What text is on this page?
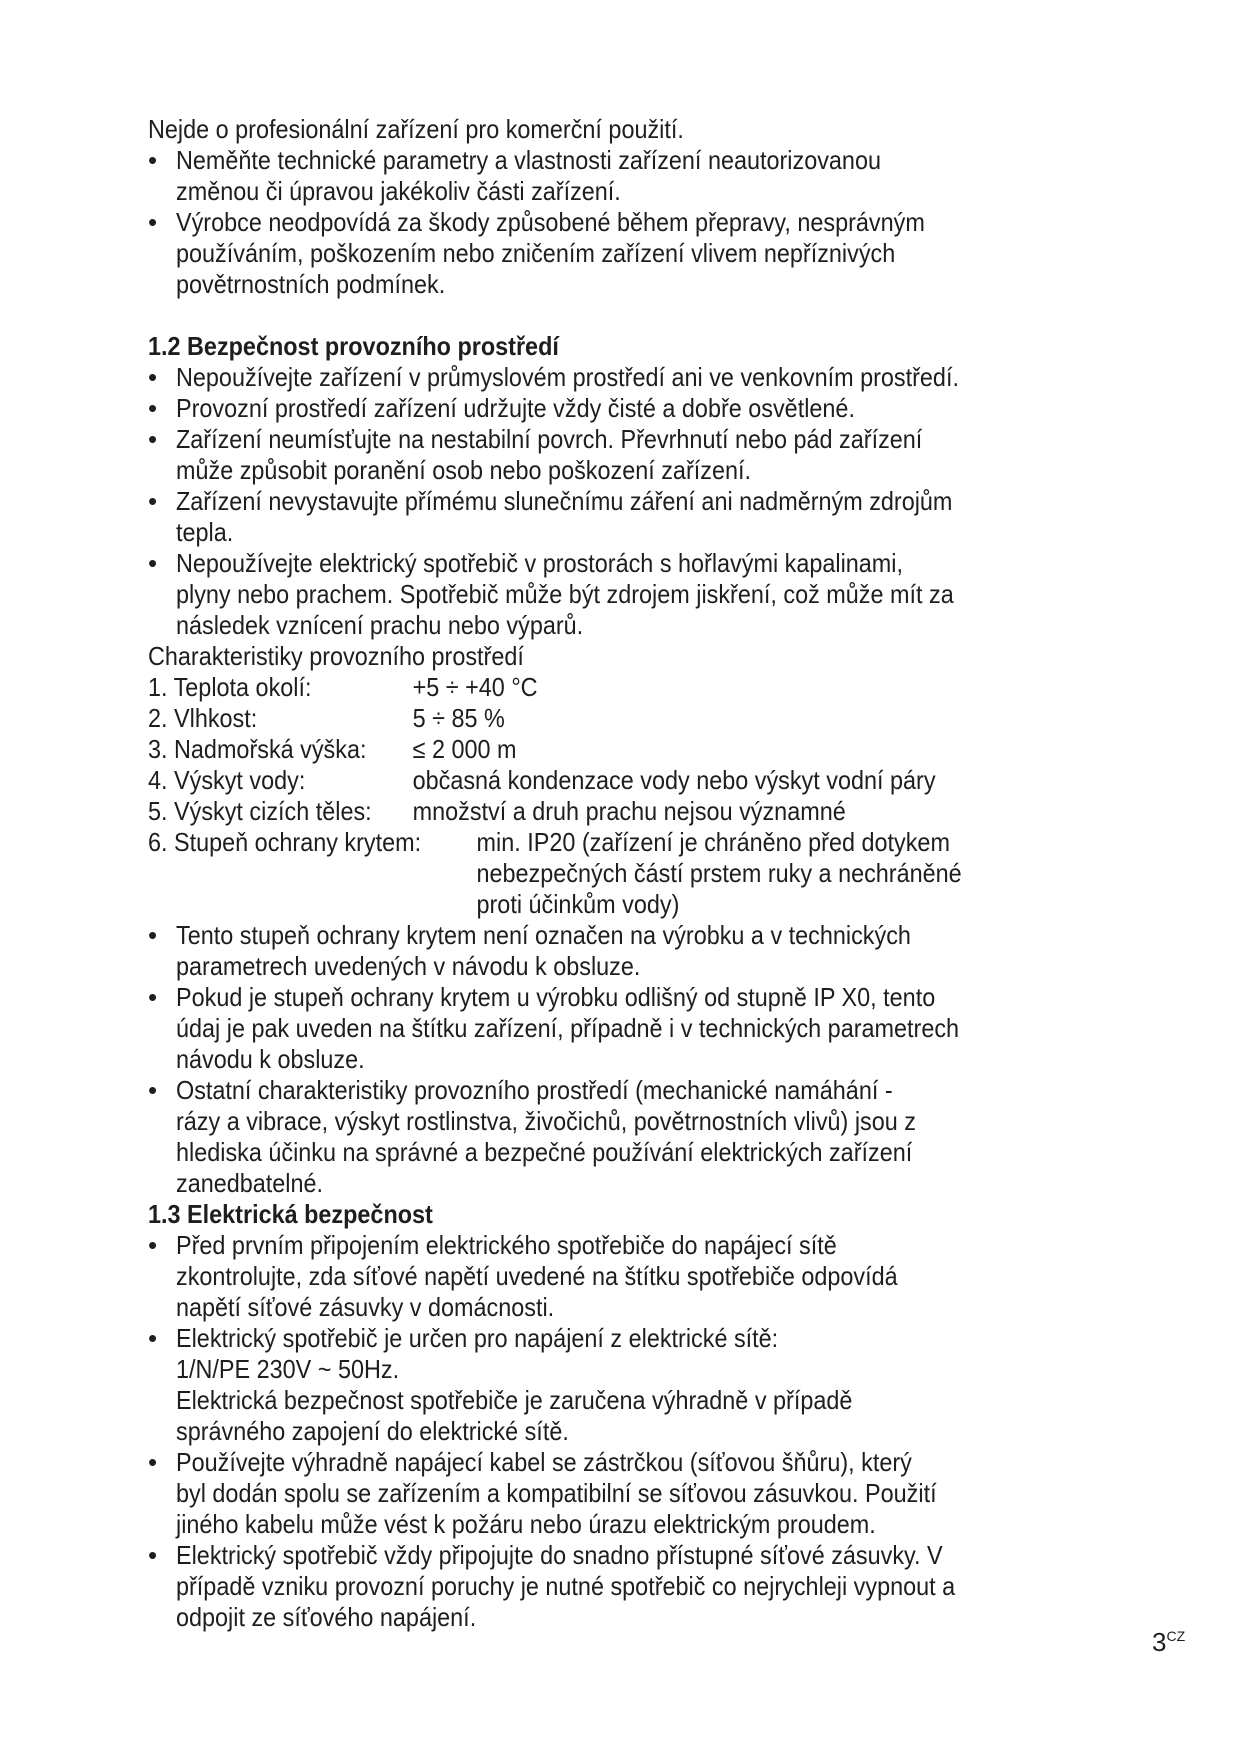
Nejde o profesionální zařízení pro komerční použití.
• Neměňte technické parametry a vlastnosti zařízení neautorizovanou
změnou či úpravou jakékoliv části zařízení.
• Výrobce neodpovídá za škody způsobené během přepravy, nesprávným
používáním, poškozením nebo zničením zařízení vlivem nepříznivých
povětrnostních podmínek.
1.2 Bezpečnost provozního prostředí
• Nepoužívejte zařízení v průmyslovém prostředí ani ve venkovním prostředí.
• Provozní prostředí zařízení udržujte vždy čisté a dobře osvětlené.
• Zařízení neumísťujte na nestabilní povrch. Převrhnutí nebo pád zařízení
může způsobit poranění osob nebo poškození zařízení.
• Zařízení nevystavujte přímému slunečnímu záření ani nadměrným zdrojům
tepla.
• Nepoužívejte elektrický spotřebič v prostorách s hořlavými kapalinami,
plyny nebo prachem. Spotřebič může být zdrojem jiskření, což může mít za
následek vznícení prachu nebo výparů.
Charakteristiky provozního prostředí
1. Teplota okolí:	+5 ÷ +40 °C
2. Vlhkost:	5 ÷ 85 %
3. Nadmořská výška:	≤ 2 000 m
4. Výskyt vody:	občasná kondenzace vody nebo výskyt vodní páry
5. Výskyt cizích těles:	množství a druh prachu nejsou významné
6. Stupeň ochrany krytem:	min. IP20 (zařízení je chráněno před dotykem
nebezpečných částí prstem ruky a nechráněné
proti účinkům vody)
• Tento stupeň ochrany krytem není označen na výrobku a v technických
parametrech uvedených v návodu k obsluze.
• Pokud je stupeň ochrany krytem u výrobku odlišný od stupně IP X0, tento
údaj je pak uveden na štítku zařízení, případně i v technických parametrech
návodu k obsluze.
• Ostatní charakteristiky provozního prostředí (mechanické namáhání -
rázy a vibrace, výskyt rostlinstva, živočichů, povětrnostních vlivů) jsou z
hlediska účinku na správné a bezpečné používání elektrických zařízení
zanedbatelné.
1.3 Elektrická bezpečnost
• Před prvním připojením elektrického spotřebiče do napájecí sítě
zkontrolujte, zda síťové napětí uvedené na štítku spotřebiče odpovídá
napětí síťové zásuvky v domácnosti.
• Elektrický spotřebič je určen pro napájení z elektrické sítě:
1/N/PE 230V ~ 50Hz.
Elektrická bezpečnost spotřebiče je zaručena výhradně v případě
správného zapojení do elektrické sítě.
• Používejte výhradně napájecí kabel se zástrčkou (síťovou šňůru), který
byl dodán spolu se zařízením a kompatibilní se síťovou zásuvkou. Použití
jiného kabelu může vést k požáru nebo úrazu elektrickým proudem.
• Elektrický spotřebič vždy připojujte do snadno přístupné síťové zásuvky. V
případě vzniku provozní poruchy je nutné spotřebič co nejrychleji vypnout a
odpojit ze síťového napájení.
$3^{CZ}$
